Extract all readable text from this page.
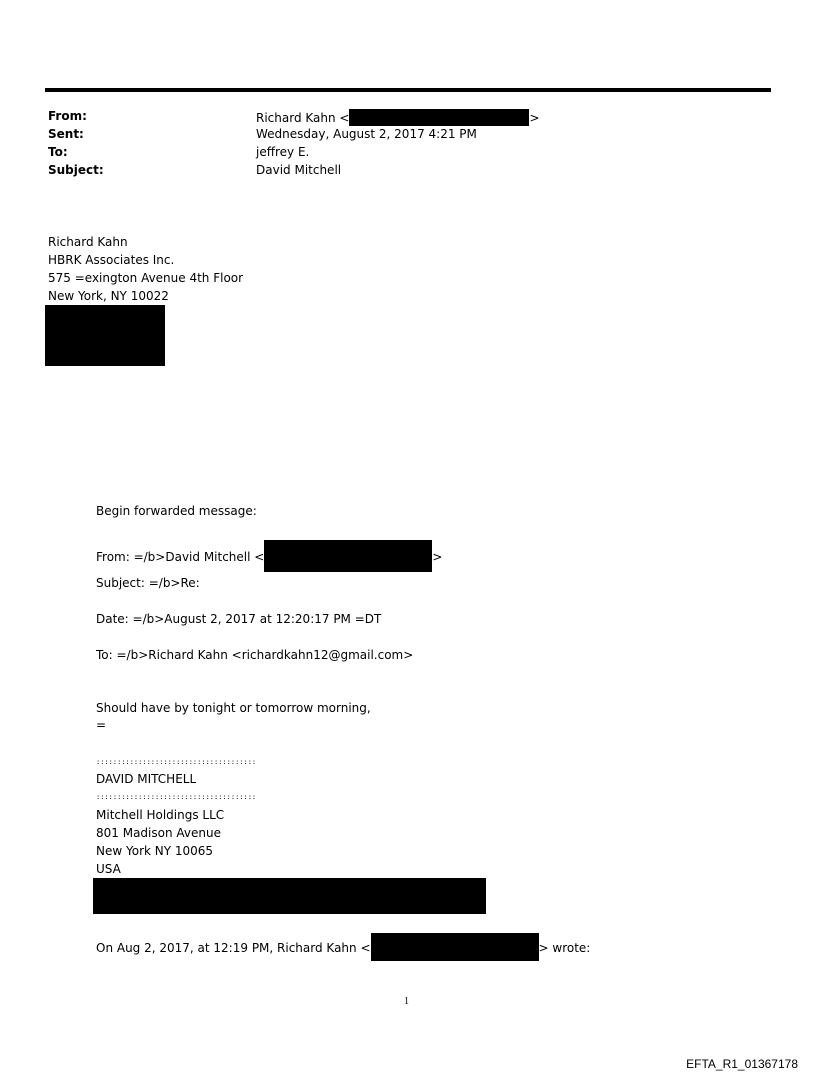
From:	Richard Kahn <	>
Sent:	Wednesday, August 2, 2017 4:21 PM
To:	jeffrey E.
Subject:	David Mitchell
Richard Kahn
HBRK Associates Inc.
575 =exington Avenue 4th Floor
New York, NY 10022
Begin forwarded message:
From: =/b>David Mitchell <	>
Subject: =/b>Re:
Date: =/b>August 2, 2017 at 12:20:17 PM =DT
To: =/b>Richard Kahn <richardkahn12@gmail.com>
Should have by tonight or tomorrow morning,
=
::::::::::::::::::::::::::::::::::::::
DAVID MITCHELL
::::::::::::::::::::::::::::::::::::::
Mitchell Holdings LLC
801 Madison Avenue
New York NY 10065
USA
On Aug 2, 2017, at 12:19 PM, Richard Kahn <	> wrote:
1
EFTA_R1_01367178
